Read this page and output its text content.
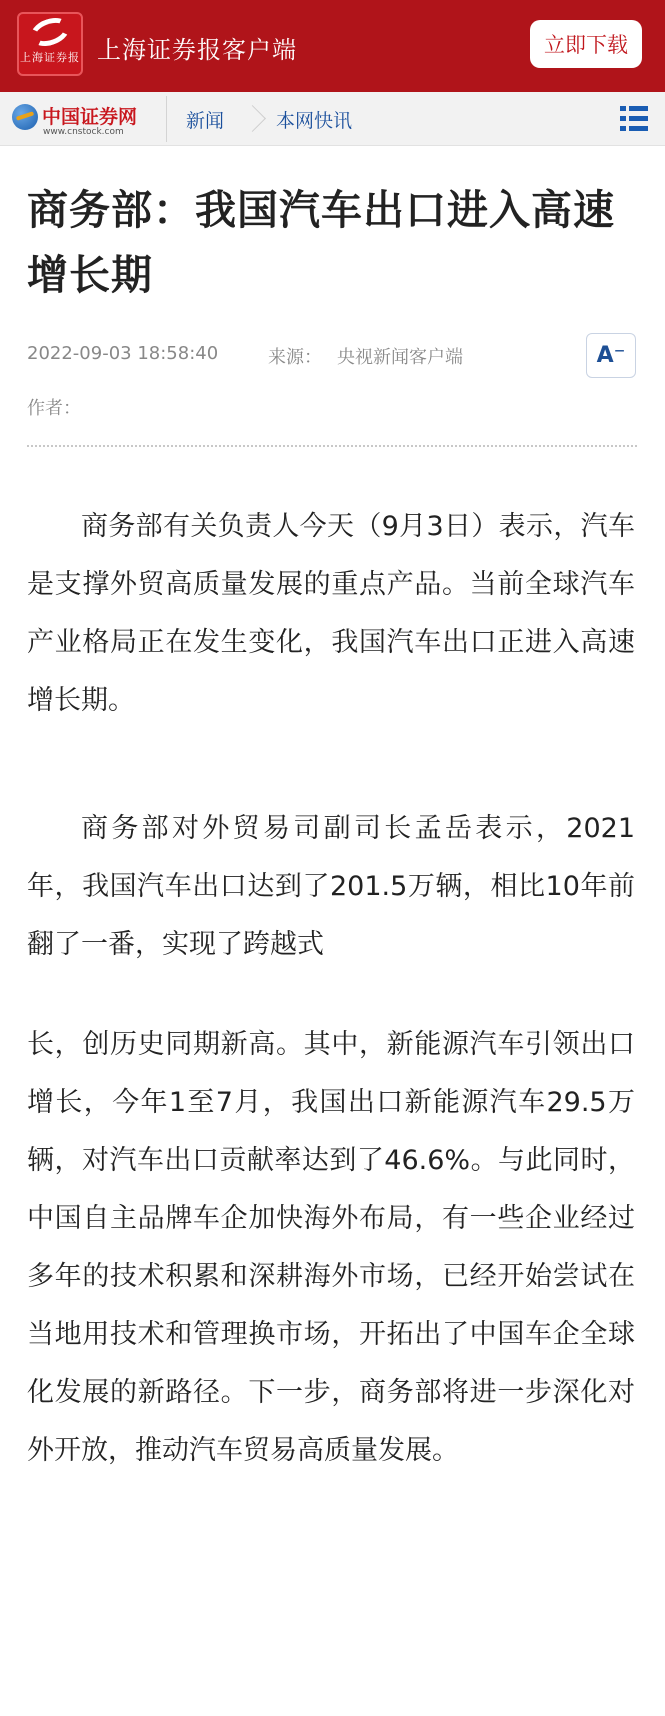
上海证券报 上海证券报客户端	立即下载
中国证券网
www.cnstock.com	新闻	本网快讯
商务部：我国汽车出口进入高速增长期
2022-09-03 18:58:40	来源： 央视新闻客户端
作者：
A⁻

商务部有关负责人今天（9月3日）表示，汽车是支撑外贸高质量发展的重点产品。当前全球汽车产业格局正在发生变化，我国汽车出口正进入高速增长期。

商务部对外贸易司副司长孟岳表示，2021年，我国汽车出口达到了201.5万辆，相比10年前翻了一番，实现了跨越式

长，创历史同期新高。其中，新能源汽车引领出口增长，今年1至7月，我国出口新能源汽车29.5万辆，对汽车出口贡献率达到了46.6%。与此同时，中国自主品牌车企加快海外布局，有一些企业经过多年的技术积累和深耕海外市场，已经开始尝试在当地用技术和管理换市场，开拓出了中国车企全球化发展的新路径。下一步，商务部将进一步深化对外开放，推动汽车贸易高质量发展。
